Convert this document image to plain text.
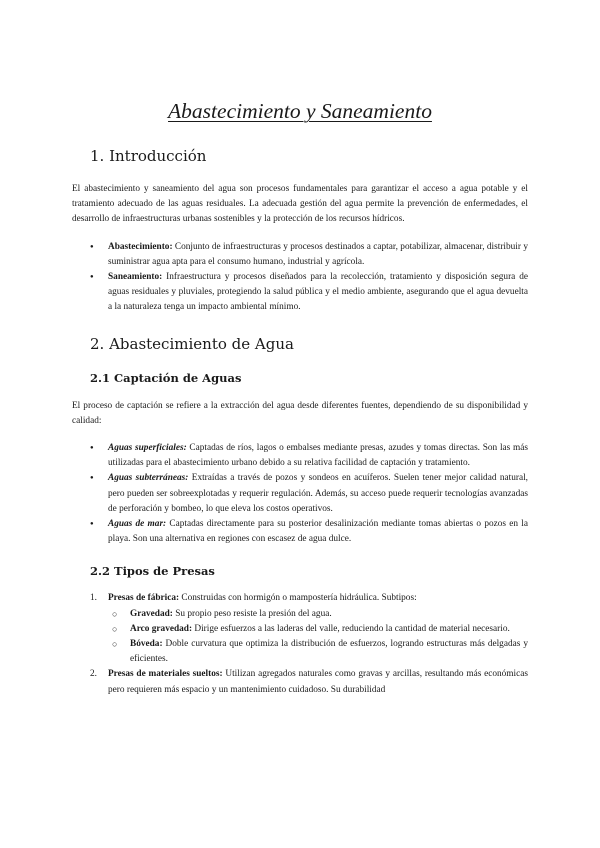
Abastecimiento y Saneamiento
1. Introducción

El abastecimiento y saneamiento del agua son procesos fundamentales para garantizar el acceso a agua potable y el tratamiento adecuado de las aguas residuales. La adecuada gestión del agua permite la prevención de enfermedades, el desarrollo de infraestructuras urbanas sostenibles y la protección de los recursos hídricos.

●
Abastecimiento: Conjunto de infraestructuras y procesos destinados a captar, potabilizar, almacenar, distribuir y suministrar agua apta para el consumo humano, industrial y agrícola.
●
Saneamiento: Infraestructura y procesos diseñados para la recolección, tratamiento y disposición segura de aguas residuales y pluviales, protegiendo la salud pública y el medio ambiente, asegurando que el agua devuelta a la naturaleza tenga un impacto ambiental mínimo.
2. Abastecimiento de Agua
2.1 Captación de Aguas

El proceso de captación se refiere a la extracción del agua desde diferentes fuentes, dependiendo de su disponibilidad y calidad:

●
Aguas superficiales: Captadas de ríos, lagos o embalses mediante presas, azudes y tomas directas. Son las más utilizadas para el abastecimiento urbano debido a su relativa facilidad de captación y tratamiento.
●
Aguas subterráneas: Extraídas a través de pozos y sondeos en acuíferos. Suelen tener mejor calidad natural, pero pueden ser sobreexplotadas y requerir regulación. Además, su acceso puede requerir tecnologías avanzadas de perforación y bombeo, lo que eleva los costos operativos.
●
Aguas de mar: Captadas directamente para su posterior desalinización mediante tomas abiertas o pozos en la playa. Son una alternativa en regiones con escasez de agua dulce.
2.2 Tipos de Presas
1. Presas de fábrica: Construidas con hormigón o mampostería hidráulica. Subtipos:
○
Gravedad: Su propio peso resiste la presión del agua.
○
Arco gravedad: Dirige esfuerzos a las laderas del valle, reduciendo la cantidad de material necesario.
○
Bóveda: Doble curvatura que optimiza la distribución de esfuerzos, logrando estructuras más delgadas y eficientes.
2. Presas de materiales sueltos: Utilizan agregados naturales como gravas y arcillas, resultando más económicas pero requieren más espacio y un mantenimiento cuidadoso. Su durabilidad
